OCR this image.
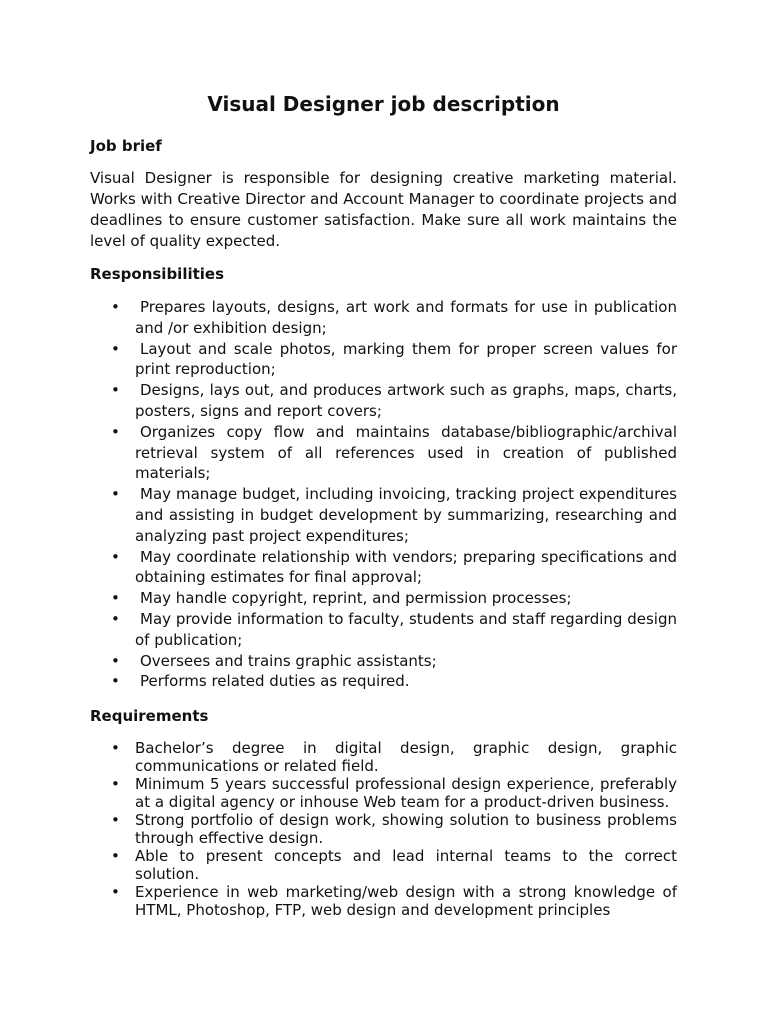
Visual Designer job description
Job brief

Visual Designer is responsible for designing creative marketing material. Works with Creative Director and Account Manager to coordinate projects and deadlines to ensure customer satisfaction. Make sure all work maintains the level of quality expected.

Responsibilities
•	Prepares layouts, designs, art work and formats for use in publication and /or exhibition design;
•	Layout and scale photos, marking them for proper screen values for print reproduction;
•	Designs, lays out, and produces artwork such as graphs, maps, charts, posters, signs and report covers;
•	Organizes copy flow and maintains database/bibliographic/archival retrieval system of all references used in creation of published materials;
•	May manage budget, including invoicing, tracking project expenditures and assisting in budget development by summarizing, researching and analyzing past project expenditures;
•	May coordinate relationship with vendors; preparing specifications and obtaining estimates for final approval;
•	May handle copyright, reprint, and permission processes;
•	May provide information to faculty, students and staff regarding design of publication;
•	Oversees and trains graphic assistants;
•	Performs related duties as required.
Requirements
• Bachelor’s degree in digital design, graphic design, graphic communications or related field.
• Minimum 5 years successful professional design experience, preferably at a digital agency or inhouse Web team for a product-driven business.
• Strong portfolio of design work, showing solution to business problems through effective design.
• Able to present concepts and lead internal teams to the correct solution.
• Experience in web marketing/web design with a strong knowledge of HTML, Photoshop, FTP, web design and development principles
